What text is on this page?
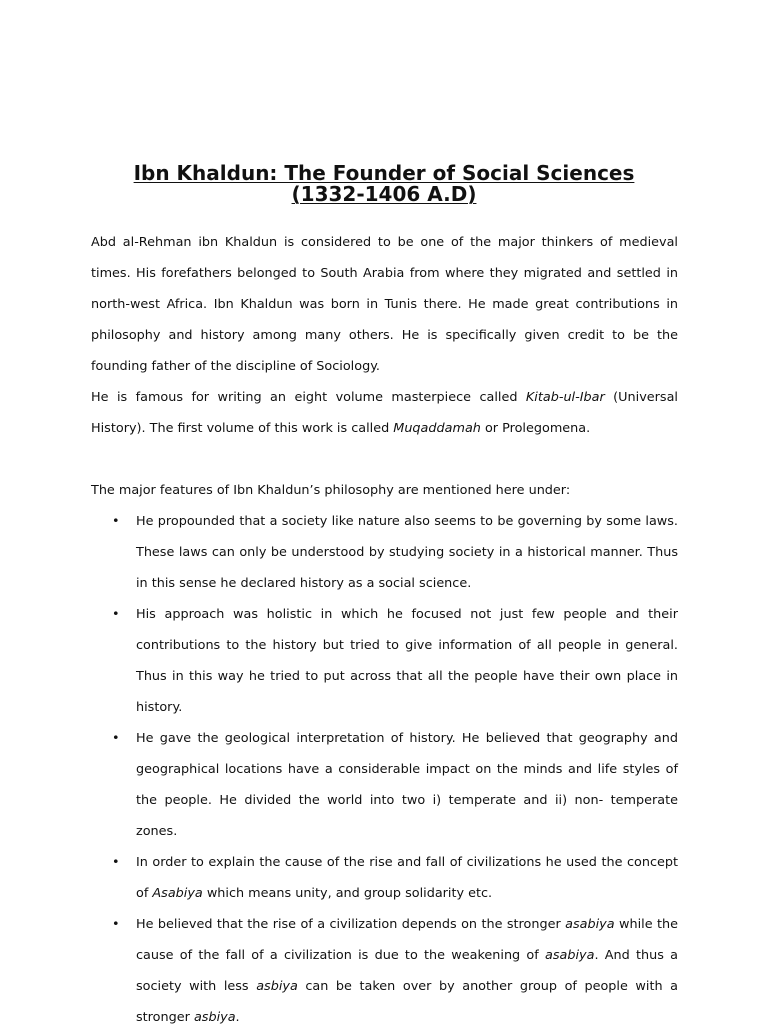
Ibn Khaldun: The Founder of Social Sciences

(1332-1406 A.D)

Abd al-Rehman ibn Khaldun is considered to be one of the major thinkers of medieval times. His forefathers belonged to South Arabia from where they migrated and settled in north-west Africa. Ibn Khaldun was born in Tunis there. He made great contributions in philosophy and history among many others. He is specifically given credit to be the founding father of the discipline of Sociology.

He is famous for writing an eight volume masterpiece called Kitab-ul-Ibar (Universal History). The first volume of this work is called Muqaddamah or Prolegomena.

The major features of Ibn Khaldun’s philosophy are mentioned here under:

• He propounded that a society like nature also seems to be governing by some laws. These laws can only be understood by studying society in a historical manner. Thus in this sense he declared history as a social science.
• His approach was holistic in which he focused not just few people and their contributions to the history but tried to give information of all people in general. Thus in this way he tried to put across that all the people have their own place in history.
• He gave the geological interpretation of history. He believed that geography and geographical locations have a considerable impact on the minds and life styles of the people. He divided the world into two i) temperate and ii) non- temperate zones.
• In order to explain the cause of the rise and fall of civilizations he used the concept of Asabiya which means unity, and group solidarity etc.
• He believed that the rise of a civilization depends on the stronger asabiya while the cause of the fall of a civilization is due to the weakening of asabiya. And thus a society with less asbiya can be taken over by another group of people with a stronger asbiya.
